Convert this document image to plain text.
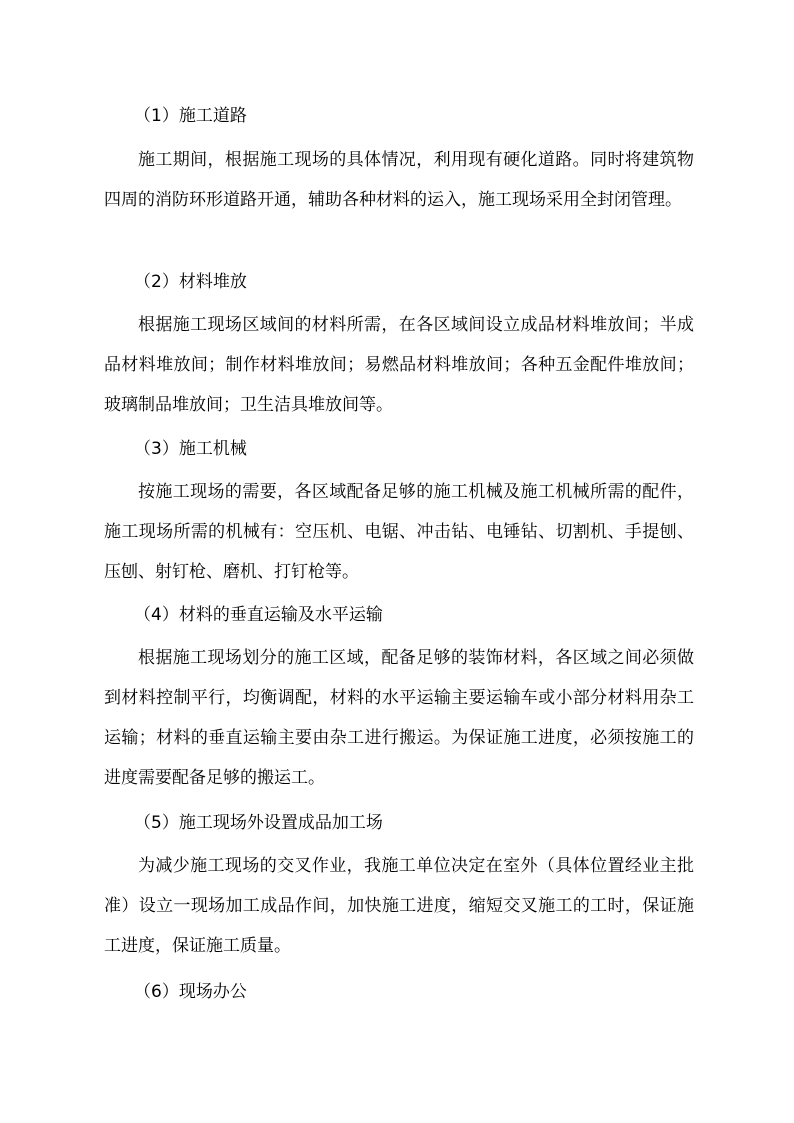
（1）施工道路
施工期间，根据施工现场的具体情况，利用现有硬化道路。同时将建筑物四周的消防环形道路开通，辅助各种材料的运入，施工现场采用全封闭管理。
（2）材料堆放
根据施工现场区域间的材料所需，在各区域间设立成品材料堆放间；半成品材料堆放间；制作材料堆放间；易燃品材料堆放间；各种五金配件堆放间；玻璃制品堆放间；卫生洁具堆放间等。
（3）施工机械
按施工现场的需要，各区域配备足够的施工机械及施工机械所需的配件，施工现场所需的机械有：空压机、电锯、冲击钻、电锤钻、切割机、手提刨、压刨、射钉枪、磨机、打钉枪等。
（4）材料的垂直运输及水平运输
根据施工现场划分的施工区域，配备足够的装饰材料，各区域之间必须做到材料控制平行，均衡调配，材料的水平运输主要运输车或小部分材料用杂工运输；材料的垂直运输主要由杂工进行搬运。为保证施工进度，必须按施工的进度需要配备足够的搬运工。
（5）施工现场外设置成品加工场
为减少施工现场的交叉作业，我施工单位决定在室外（具体位置经业主批准）设立一现场加工成品作间，加快施工进度，缩短交叉施工的工时，保证施工进度，保证施工质量。
（6）现场办公
